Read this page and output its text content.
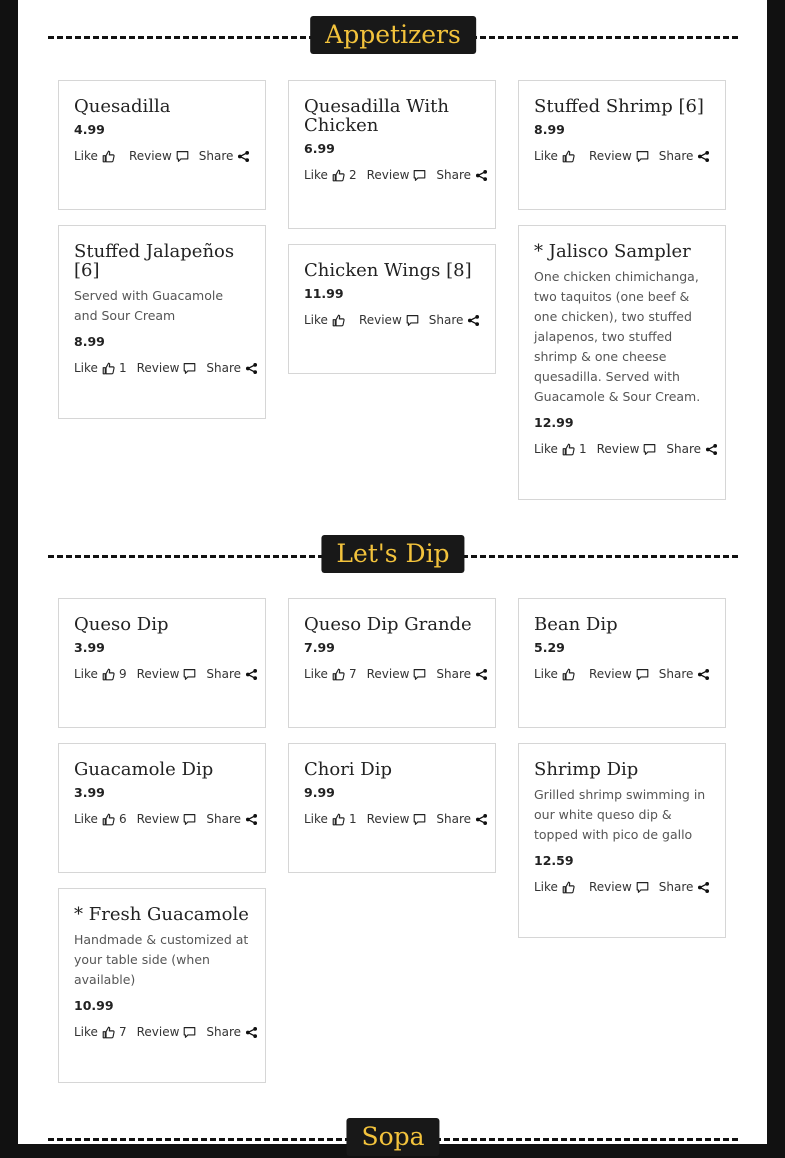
Appetizers
Quesadilla
4.99
Like	Review Share
Quesadilla With Chicken
6.99
Like 2 Review Share
Stuffed Shrimp [6]
8.99
Like	Review Share
Stuffed Jalapeños [6]
Served with Guacamole and Sour Cream
8.99
Like 1 Review Share
Chicken Wings [8]
11.99
Like	Review Share
* Jalisco Sampler
One chicken chimichanga, two taquitos (one beef & one chicken), two stuffed jalapenos, two stuffed shrimp & one cheese quesadilla. Served with Guacamole & Sour Cream.
12.99
Like 1 Review Share
Let's Dip
Queso Dip
3.99
Like 9 Review Share
Queso Dip Grande
7.99
Like 7 Review Share
Bean Dip
5.29
Like	Review Share
Guacamole Dip
3.99
Like 6 Review Share
Chori Dip
9.99
Like 1 Review Share
Shrimp Dip
Grilled shrimp swimming in our white queso dip & topped with pico de gallo
12.59
Like	Review Share
* Fresh Guacamole
Handmade & customized at your table side (when available)
10.99
Like 7 Review Share
Sopa
